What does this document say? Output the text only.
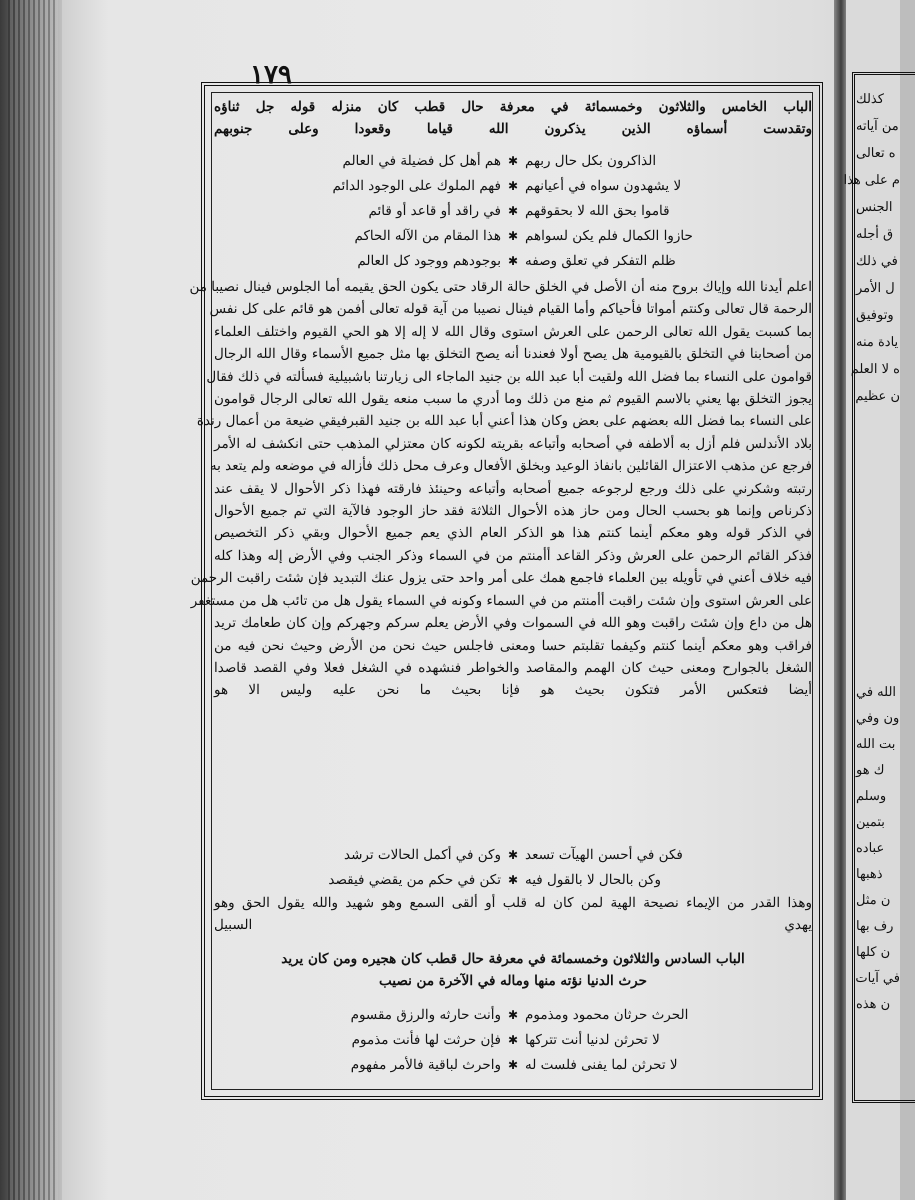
كذلك
من آياته
ه تعالى
م على هذا
الجنس
ق أجله
في ذلك
ل الأمر
وتوفيق
يادة منه
ه لا العلم
ن عظيم
الله في
ون وفي
بت الله
ك هو
وسلم
بتمين
عباده
ذهبها
ن مثل
رف بها
ن كلها
في آيات
ن هذه
١٧٩
الباب الخامس والثلاثون وخمسمائة في معرفة حال قطب كان منزله قوله جل ثناؤه
وتقدست أسماؤه الذين يذكرون الله قياما وقعودا وعلى جنوبهم
الذاكرون بكل حال ربهم
✱
هم أهل كل فضيلة في العالم
لا يشهدون سواه في أعيانهم
✱
فهم الملوك على الوجود الدائم
قاموا بحق الله لا بحقوقهم
✱
في راقد أو قاعد أو قائم
حازوا الكمال فلم يكن لسواهم
✱
هذا المقام من الآله الحاكم
ظلم التفكر في تعلق وصفه
✱
بوجودهم ووجود كل العالم
اعلم أيدنا الله وإياك بروح منه أن الأصل في الخلق حالة الرقاد حتى يكون الحق يقيمه أما الجلوس فينال نصيبا من
الرحمة قال تعالى وكنتم أمواتا فأحياكم وأما القيام فينال نصيبا من آية قوله تعالى أفمن هو قائم على كل نفس
بما كسبت يقول الله تعالى الرحمن على العرش استوى وقال الله لا إله إلا هو الحي القيوم واختلف العلماء
من أصحابنا في التخلق بالقيومية هل يصح أولا فعندنا أنه يصح التخلق بها مثل جميع الأسماء وقال الله الرجال
قوامون على النساء بما فضل الله ولقيت أبا عبد الله بن جنيد الماجاء الى زيارتنا باشبيلية فسألته في ذلك فقال
يجوز التخلق بها يعني بالاسم القيوم ثم منع من ذلك وما أدري ما سبب منعه يقول الله تعالى الرجال قوامون
على النساء بما فضل الله بعضهم على بعض وكان هذا أعني أبا عبد الله بن جنيد القبرفيقي ضيعة من أعمال رندة
بلاد الأندلس فلم أزل به ألاطفه في أصحابه وأتباعه بقريته لكونه كان معتزلي المذهب حتى انكشف له الأمر
فرجع عن مذهب الاعتزال القائلين بانفاذ الوعيد وبخلق الأفعال وعرف محل ذلك فأزاله في موضعه ولم يتعد به
رتبته وشكرني على ذلك ورجع لرجوعه جميع أصحابه وأتباعه وحينئذ فارقته فهذا ذكر الأحوال لا يقف عند
ذكرناص وإنما هو بحسب الحال ومن حاز هذه الأحوال الثلاثة فقد حاز الوجود فالآية التي تم جميع الأحوال
في الذكر قوله وهو معكم أينما كنتم هذا هو الذكر العام الذي يعم جميع الأحوال وبقي ذكر التخصيص
فذكر القائم الرحمن على العرش وذكر القاعد أأمنتم من في السماء وذكر الجنب وفي الأرض إله وهذا كله
فيه خلاف أعني في تأويله بين العلماء فاجمع همك على أمر واحد حتى يزول عنك التبديد فإن شئت راقبت الرحمن
على العرش استوى وإن شئت راقبت أأمنتم من في السماء وكونه في السماء يقول هل من تائب هل من مستغفر
هل من داع وإن شئت راقبت وهو الله في السموات وفي الأرض يعلم سركم وجهركم وإن كان طعامك تريد
فراقب وهو معكم أينما كنتم وكيفما تقلبتم حسا ومعنى فاجلس حيث نحن من الأرض وحيث نحن فيه من
الشغل بالجوارح ومعنى حيث كان الهمم والمقاصد والخواطر فنشهده في الشغل فعلا وفي القصد قاصدا
أيضا فتعكس الأمر فتكون بحيث هو فإنا بحيث ما نحن عليه وليس الا هو
فكن في أحسن الهيآت تسعد
✱
وكن في أكمل الحالات ترشد
وكن بالحال لا بالقول فيه
✱
تكن في حكم من يقضي فيقصد
وهذا القدر من الإيماء نصيحة الهية لمن كان له قلب أو ألقى السمع وهو شهيد والله يقول الحق وهو
يهدي السبيل
الباب السادس والثلاثون وخمسمائة في معرفة حال قطب كان هجيره ومن كان يريد
حرث الدنيا نؤته منها وماله في الآخرة من نصيب
الحرث حرثان محمود ومذموم
✱
وأنت حارثه والرزق مقسوم
لا تحرثن لدنيا أنت تتركها
✱
فإن حرثت لها فأنت مذموم
لا تحرثن لما يفنى فلست له
✱
واحرث لباقية فالأمر مفهوم
